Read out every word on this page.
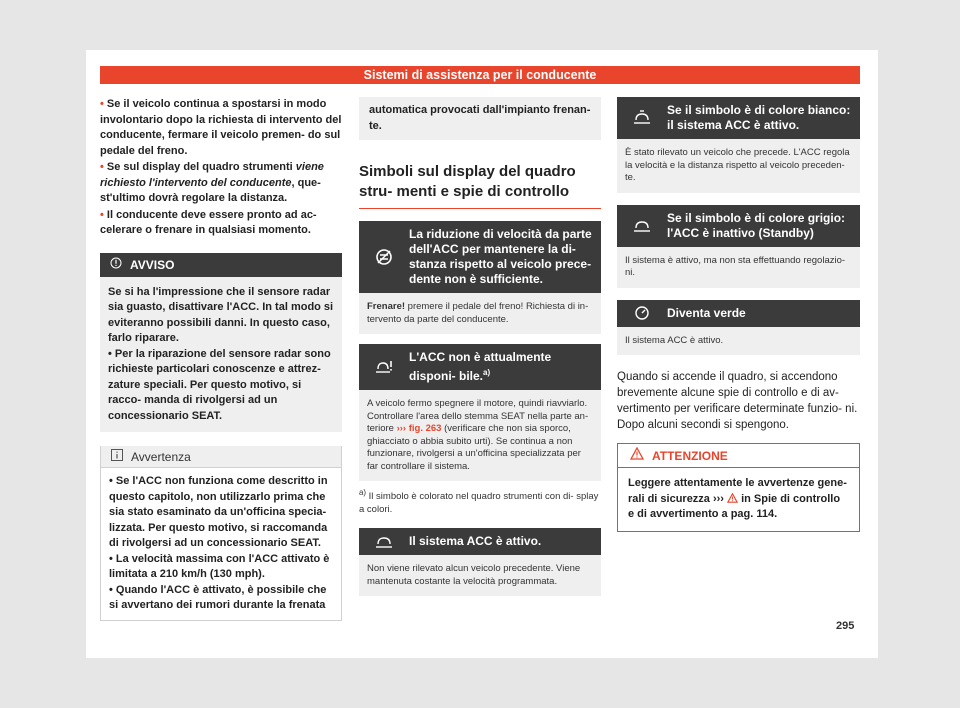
Sistemi di assistenza per il conducente

• Se il veicolo continua a spostarsi in modo involontario dopo la richiesta di intervento del conducente, fermare il veicolo premen- do sul pedale del freno.

• Se sul display del quadro strumenti viene richiesto l'intervento del conducente, que- st'ultimo dovrà regolare la distanza.

• Il conducente deve essere pronto ad ac- celerare o frenare in qualsiasi momento.

AVVISO

Se si ha l'impressione che il sensore radar sia guasto, disattivare l'ACC. In tal modo si eviteranno possibili danni. In questo caso, farlo riparare.

• Per la riparazione del sensore radar sono richieste particolari conoscenze e attrez- zature speciali. Per questo motivo, si racco- manda di rivolgersi ad un concessionario SEAT.

Avvertenza

• Se l'ACC non funziona come descritto in questo capitolo, non utilizzarlo prima che sia stato esaminato da un'officina specia- lizzata. Per questo motivo, si raccomanda di rivolgersi ad un concessionario SEAT.

• La velocità massima con l'ACC attivato è limitata a 210 km/h (130 mph).

• Quando l'ACC è attivato, è possibile che si avvertano dei rumori durante la frenata

automatica provocati dall'impianto frenan- te.

Simboli sul display del quadro stru- menti e spie di controllo
La riduzione di velocità da parte dell'ACC per mantenere la di- stanza rispetto al veicolo prece- dente non è sufficiente.
Frenare! premere il pedale del freno! Richiesta di in- tervento da parte del conducente.
L'ACC non è attualmente disponi- bile.$^{a)}$
A veicolo fermo spegnere il motore, quindi riavviarlo. Controllare l'area dello stemma SEAT nella parte an- teriore ››› fig. 263 (verificare che non sia sporco, ghiacciato o abbia subito urti). Se continua a non funzionare, rivolgersi a un'officina specializzata per far controllare il sistema.

$^{a)}$ Il simbolo è colorato nel quadro strumenti con di- splay a colori.

Il sistema ACC è attivo.
Non viene rilevato alcun veicolo precedente. Viene mantenuta costante la velocità programmata.
Se il simbolo è di colore bianco: il sistema ACC è attivo.
È stato rilevato un veicolo che precede. L'ACC regola la velocità e la distanza rispetto al veicolo preceden- te.
Se il simbolo è di colore grigio: l'ACC è inattivo (Standby)
Il sistema è attivo, ma non sta effettuando regolazio- ni.
Diventa verde
Il sistema ACC è attivo.

Quando si accende il quadro, si accendono brevemente alcune spie di controllo e di av- vertimento per verificare determinate funzio- ni. Dopo alcuni secondi si spengono.

ATTENZIONE
Leggere attentamente le avvertenze gene- rali di sicurezza ›››  in Spie di controllo e di avvertimento a pag. 114.
295
